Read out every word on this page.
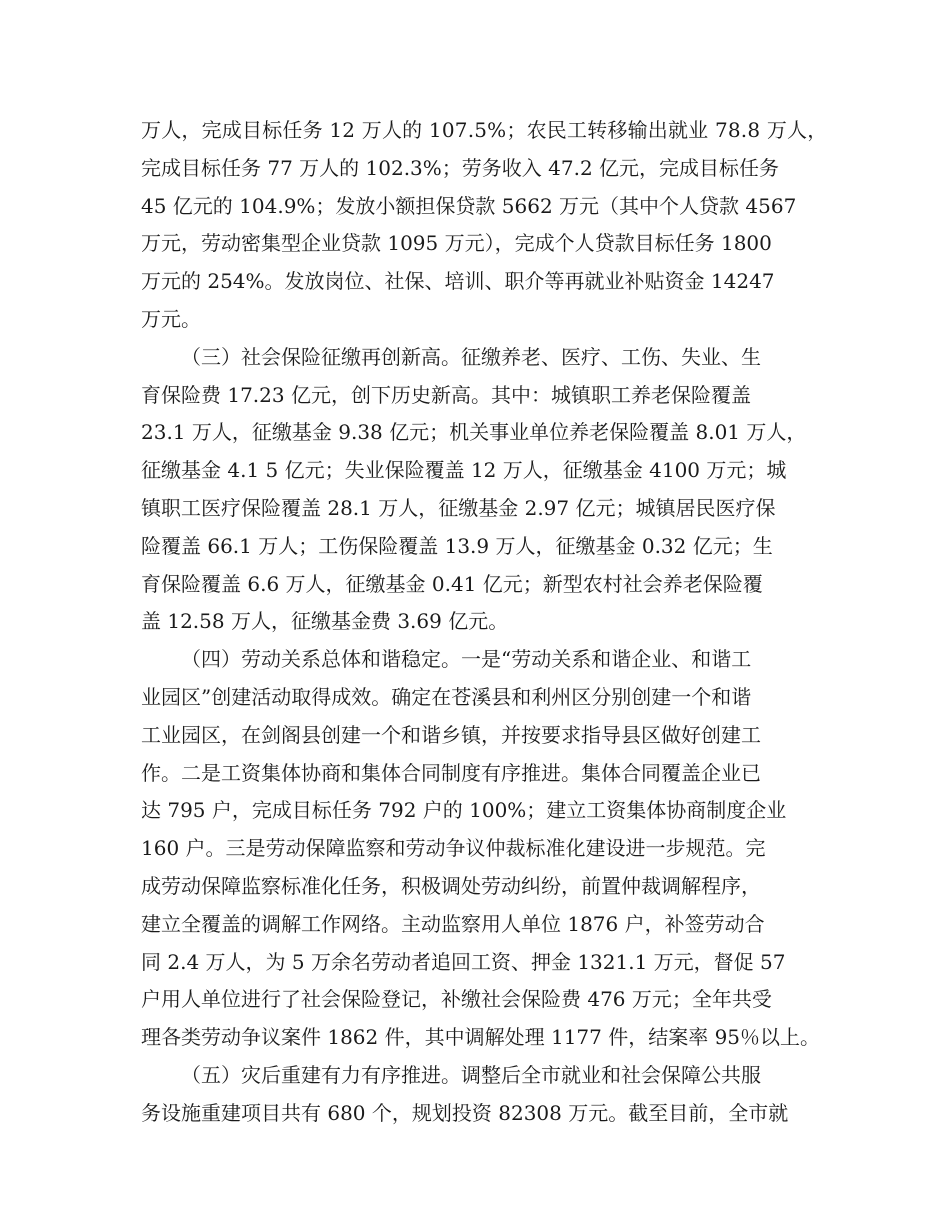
万人，完成目标任务 12 万人的 107.5%；农民工转移输出就业 78.8 万人，
完成目标任务 77 万人的 102.3%；劳务收入 47.2 亿元，完成目标任务
45 亿元的 104.9%；发放小额担保贷款 5662 万元（其中个人贷款 4567
万元，劳动密集型企业贷款 1095 万元），完成个人贷款目标任务 1800
万元的 254%。发放岗位、社保、培训、职介等再就业补贴资金 14247
万元。
（三）社会保险征缴再创新高。征缴养老、医疗、工伤、失业、生
育保险费 17.23 亿元，创下历史新高。其中：城镇职工养老保险覆盖
23.1 万人，征缴基金 9.38 亿元；机关事业单位养老保险覆盖 8.01 万人，
征缴基金 4.1 5 亿元；失业保险覆盖 12 万人，征缴基金 4100 万元；城
镇职工医疗保险覆盖 28.1 万人，征缴基金 2.97 亿元；城镇居民医疗保
险覆盖 66.1 万人；工伤保险覆盖 13.9 万人，征缴基金 0.32 亿元；生
育保险覆盖 6.6 万人，征缴基金 0.41 亿元；新型农村社会养老保险覆
盖 12.58 万人，征缴基金费 3.69 亿元。
（四）劳动关系总体和谐稳定。一是“劳动关系和谐企业、和谐工
业园区”创建活动取得成效。确定在苍溪县和利州区分别创建一个和谐
工业园区，在剑阁县创建一个和谐乡镇，并按要求指导县区做好创建工
作。二是工资集体协商和集体合同制度有序推进。集体合同覆盖企业已
达 795 户，完成目标任务 792 户的 100%；建立工资集体协商制度企业
160 户。三是劳动保障监察和劳动争议仲裁标准化建设进一步规范。完
成劳动保障监察标准化任务，积极调处劳动纠纷，前置仲裁调解程序，
建立全覆盖的调解工作网络。主动监察用人单位 1876 户，补签劳动合
同 2.4 万人，为 5 万余名劳动者追回工资、押金 1321.1 万元，督促 57
户用人单位进行了社会保险登记，补缴社会保险费 476 万元；全年共受
理各类劳动争议案件 1862 件，其中调解处理 1177 件，结案率 95％以上。
（五）灾后重建有力有序推进。调整后全市就业和社会保障公共服
务设施重建项目共有 680 个，规划投资 82308 万元。截至目前，全市就
